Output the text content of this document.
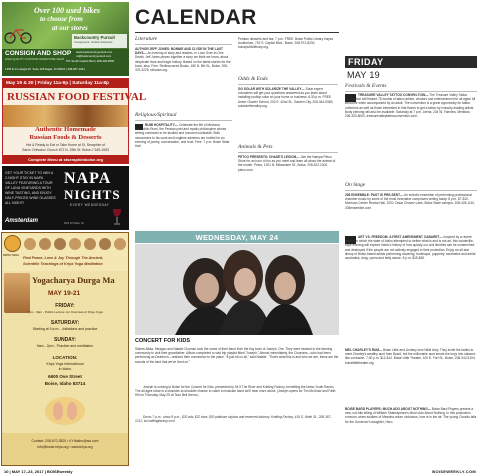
Over 100 used bikes

to choose from

at our stores

Backcountry Pursuit

Consignment, Outdoor Adventure

CONSIGN AND SHOP

HIGH QUALITY OUTDOOR ADVENTURE GEAR

www.backcountrypursuit.com

cs@backcountrypursuit.com

671 South Capitol Blvd | 208-429-9500

1365 E Iron Eagle Dr. Suite 106 Eagle, ID 83616 | 208-957-1621

May 19 & 20 | Friday 11a-9p | Saturday 11a-8p

RUSSIAN FOOD FESTIVAL

Authentic Homemade

Russian Foods & Desserts

Hot & Ready to Eat or Take Home at St. Seraphim of

Sarov Orthodox Church 872 N. 29th St. Boise // 345-1553

Complete Menu at stseraphimboise.org

GET YOUR TICKET TO WIN A

2-NIGHT STAY IN NAPA

VALLEY FEATURING A TOUR

OF LUNA VINEYARDS WITH

WINE TASTING, AND ENJOY

HALF-PRICED WINE GLASSES

ALL NIGHT!

NAPA

NIGHTS

EVERY WEDNESDAY

Amsterdam	609 W Main St

KRIYA YOGA

Find Peace, Love & Joy Through The Ancient,

Scientific Teachings of Kriya Yoga Meditation

Yogacharya Durga Ma

MAY 19-21

FRIDAY:

7pm - 9pm - Public Lecture: An Overview of Kriya Yoga

SATURDAY:

Starting at 9 a.m. - Initiations and practice

SUNDAY:

9am - 2pm - Practice and meditation

LOCATION:

Kriya Yoga International

in Idaho

6600 Ove Street

Boise, Idaho 83714

Contact: 208-870-3820 • KYIIdaho@aol.com

info@boise.kriya.org • www.kriya.org

CALENDAR

Literature

AUTHOR JEFF JONES: BONNIE AND CLYDE IN THE LAST DAYS— An evening of story and readers. In Love Over-In-One Death, Jeff Jones pieces together a story we think we know, about desperate lives and tragic history. Based on the latest stories for the book, also. Free. Rediscovered Books, 180 N. 8th St., Boise, 208-376-4229, rdbooks.org.

Religious/Spiritual

RUMI HOSPITALITY— Celebrate the life of Mevlana Jalaluddin Rumi, the Persian poet and mystic philosopher whose writing continues to be studied and honored worldwide. Both newcomers to his work and longtime admirers are invited for an evening of poetry, conversation, and food. Free. 7 p.m. Boise State Hall.

Persian desserts and tea. 7 p.m. FREE. Boise Public Library Hayes Auditorium, 715 S. Capitol Blvd., Boise, 208-972-8200, boisepubliclibrary.org.

Odds & Ends

GO SOLAR WITH SOLARIZE THE VALLEY— Solar expert volunteers will get your questions answered as you learn about installing rooftop solar on your home or business. 6:30 p.m. FREE. Anser Charter School, 202 E. 42nd St., Garden City, 208-344-9383, solarizethevalley.org.

Animals & Pets

PETCO PRESENTS: CHASE'S LEGION— Join the Nampa Petco Store for an hour of fun as you meet and learn all about the animal of the month. Petco, 1201 N. Milwaukee St., Boise, 208-322-1002, petco.com.

WEDNESDAY, MAY 24

Jumpin' Joseph.

CONCERT FOR KIDS

Sisters Allisa, Meagan and Natalie Cloonan took the name of their band from the tiny town of Joseph, Ore. They were headed to the farming community to visit their grandfather. Allison completed a road trip playlist titled "Joseph." Almost immediately, the Cloonans—who had been performing as Dearborn—realized their connection to the place. "It just hit us all," said Natalie. "That's what this is and who we are, these are the sounds of the land that we've lived on."

Joseph is coming to Boise for the Concert for Kids, presented by 94.9 The River and Knitting Factory, benefiting the Idaho Youth Ranch. The all ages show is a shoulder-to-shoulder chance to catch a musician band we'll hear more about. (Joseph opens for Tim McGraw and Faith Hill on Thursday, May 25 at Taco Bell Arena.)

Doors 7 p.m., show 8 p.m., $20 adv, $22 door, $50 platinum skybox and reserved balcony. Knitting Factory, 416 S. Ninth St., 208-367-1212, bo.knittingfactory.com.

FRIDAY

MAY 19

Festivals & Events

TREASURE VALLEY TATTOO CONVEN-TION— The Treasure Valley Tattoo Convention will feature 75 booths of tattoo artists, vendors and entertainment for all ages! All welcome when accompanied by an adult. The convention is a great opportunity for tattoo collectors as well as those interested in first timers to get a tattoo by industry-leading artists. Body piercing will also be available. Saturday at 7 p.m. Arena, 234 W. Fairview, Meridian, 208-333-8000, treasurevalleytattooconvention.com.

On Stage

208 ENSEMBLE: PAST IS PRE-SENT— An eclectic ensemble of performing professional chamber music by some of the most innovative composers writing today. 8 p.m. $7-$10. Morrison Center Recital Hall, 2201 Cesar Chavez Lane, Boise State campus, 208-426-1110, 208ensemble.com.

ART VS. FREEDOM: A FIRST AMENDMENT CABARET— Inspired by a recent lawsuit in which the state of Idaho attempted to define what is and is not art, this vaudeville-style evening will explore Idaho's history of how quickly our civil liberties can be undermined and destroyed if the people are not actively engaged in their protection. Enjoy an all-star lineup of Boise-based artists performing clowning, burlesque, puppetry, acrobatics and aerial acrobatics, drag, opera and belly dance. 8 p.m. $15-$45.

MEL CHARLEY'S RUM— Boise Little and Lindsey love Nikki Amy. They invite the ladies to meet Charley's wealthy aunt from Brazil, but the millionaire aunt sends the boys into cabaret-like confusion. 7:30 p.m. $12-$14. Boise Little Theater, 100 E. Fort St., Boise, 208-342-5104, boiselittletheater.org.

BOISE BARD PLAYERS: MUCH ADO ABOUT NOTHING— Boise Bard Players present a new, not-hits telling of William Shakespeare's Much Ado About Nothing. In this production romcom, when soldiers of Messina return victorious, love is in the air. The young Claudio falls for the Governor's daughter, Hero.

10 | MAY 17–23, 2017 | BOISEweekly	BOISEWEEKLY.COM
